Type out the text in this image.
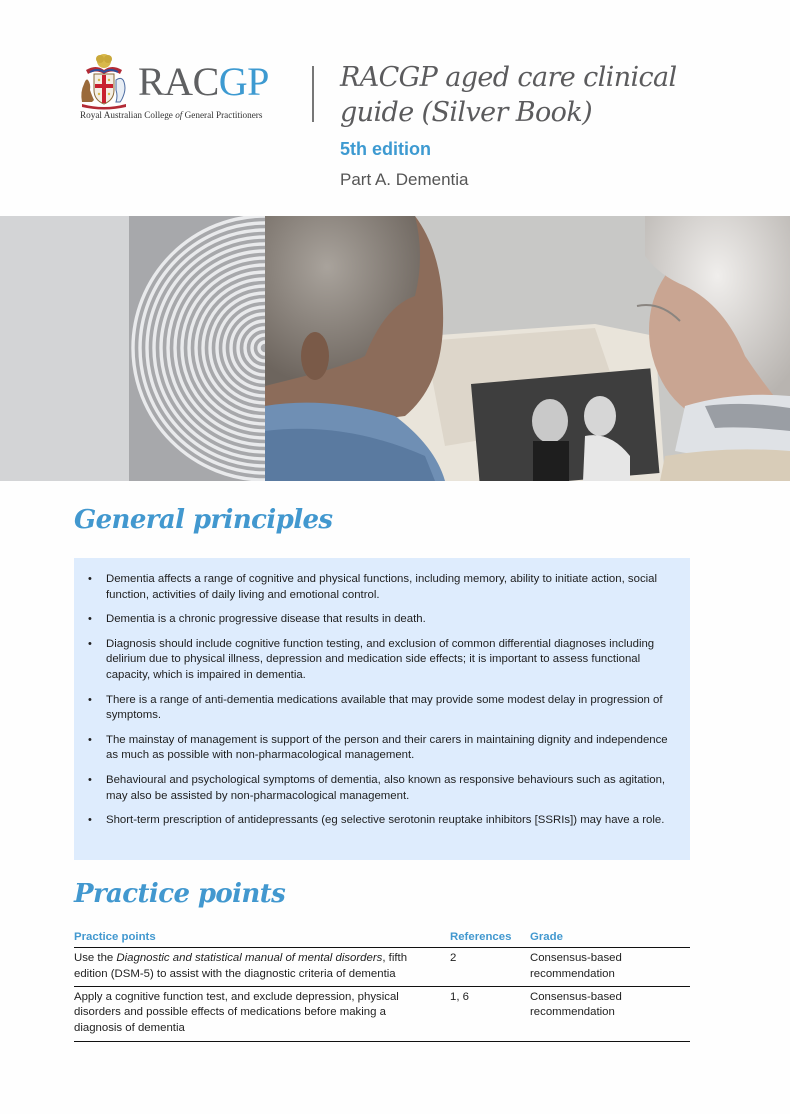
RACGP
Royal Australian College of General Practitioners
RACGP aged care clinical
guide (Silver Book)
5th edition
Part A. Dementia
General principles
• Dementia affects a range of cognitive and physical functions, including memory, ability to initiate action, social function, activities of daily living and emotional control.
• Dementia is a chronic progressive disease that results in death.
• Diagnosis should include cognitive function testing, and exclusion of common differential diagnoses including delirium due to physical illness, depression and medication side effects; it is important to assess functional capacity, which is impaired in dementia.
• There is a range of anti-dementia medications available that may provide some modest delay in progression of symptoms.
• The mainstay of management is support of the person and their carers in maintaining dignity and independence as much as possible with non-pharmacological management.
• Behavioural and psychological symptoms of dementia, also known as responsive behaviours such as agitation, may also be assisted by non-pharmacological management.
• Short-term prescription of antidepressants (eg selective serotonin reuptake inhibitors [SSRIs]) may have a role.
Practice points
Practice points	References	Grade
Use the Diagnostic and statistical manual of mental disorders, fifth edition (DSM-5) to assist with the diagnostic criteria of dementia	2	Consensus-based recommendation
Apply a cognitive function test, and exclude depression, physical disorders and possible effects of medications before making a diagnosis of dementia	1, 6	Consensus-based recommendation
